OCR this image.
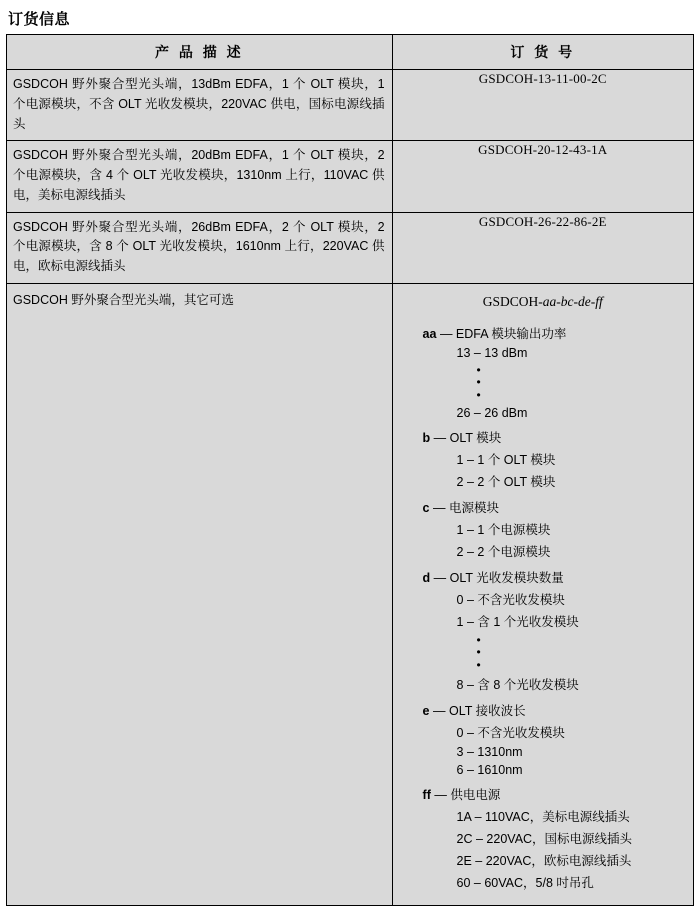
订货信息
产 品 描 述	订 货 号
GSDCOH 野外聚合型光头端，13dBm EDFA，1 个 OLT 模块，1 个电源模块，不含 OLT 光收发模块，220VAC 供电，国标电源线插头	GSDCOH-13-11-00-2C
GSDCOH 野外聚合型光头端，20dBm EDFA，1 个 OLT 模块，2 个电源模块，含 4 个 OLT 光收发模块，1310nm 上行，110VAC 供电，美标电源线插头	GSDCOH-20-12-43-1A
GSDCOH 野外聚合型光头端，26dBm EDFA，2 个 OLT 模块，2 个电源模块，含 8 个 OLT 光收发模块，1610nm 上行，220VAC 供电，欧标电源线插头	GSDCOH-26-22-86-2E
GSDCOH 野外聚合型光头端，其它可选	GSDCOH-aa-bc-de-ff
aa — EDFA 模块输出功率
13 – 13 dBm
•
•
•
26 – 26 dBm
b — OLT 模块
1 – 1 个 OLT 模块
2 – 2 个 OLT 模块
c — 电源模块
1 – 1 个电源模块
2 – 2 个电源模块
d — OLT 光收发模块数量
0 – 不含光收发模块
1 – 含 1 个光收发模块
•
•
•
8 – 含 8 个光收发模块
e — OLT 接收波长
0 – 不含光收发模块
3 – 1310nm
6 – 1610nm
ff — 供电电源
1A – 110VAC，美标电源线插头
2C – 220VAC，国标电源线插头
2E – 220VAC，欧标电源线插头
60 – 60VAC，5/8 吋吊孔
